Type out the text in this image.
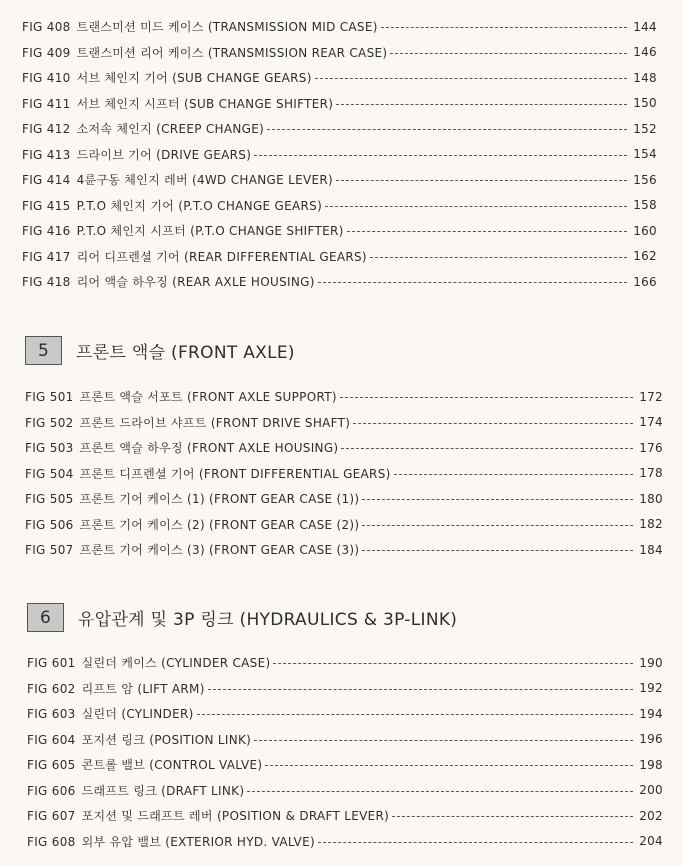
FIG 408 트랜스미션 미드 케이스 (TRANSMISSION MID CASE)	144
FIG 409 트랜스미션 리어 케이스 (TRANSMISSION REAR CASE)	146
FIG 410 서브 체인지 기어 (SUB CHANGE GEARS)	148
FIG 411 서브 체인지 시프터 (SUB CHANGE SHIFTER)	150
FIG 412 소저속 체인지 (CREEP CHANGE)	152
FIG 413 드라이브 기어 (DRIVE GEARS)	154
FIG 414 4륜구동 체인지 레버 (4WD CHANGE LEVER)	156
FIG 415 P.T.O 체인지 기어 (P.T.O CHANGE GEARS)	158
FIG 416 P.T.O 체인지 시프터 (P.T.O CHANGE SHIFTER)	160
FIG 417 리어 디프렌셜 기어 (REAR DIFFERENTIAL GEARS)	162
FIG 418 리어 액슬 하우징 (REAR AXLE HOUSING)	166
5	프론트 액슬 (FRONT AXLE)
FIG 501 프론트 액슬 서포트 (FRONT AXLE SUPPORT)	172
FIG 502 프론트 드라이브 샤프트 (FRONT DRIVE SHAFT)	174
FIG 503 프론트 액슬 하우징 (FRONT AXLE HOUSING)	176
FIG 504 프론트 디프렌셜 기어 (FRONT DIFFERENTIAL GEARS)	178
FIG 505 프론트 기어 케이스 (1) (FRONT GEAR CASE (1))	180
FIG 506 프론트 기어 케이스 (2) (FRONT GEAR CASE (2))	182
FIG 507 프론트 기어 케이스 (3) (FRONT GEAR CASE (3))	184
6	유압관계 및 3P 링크 (HYDRAULICS & 3P-LINK)
FIG 601 실린더 케이스 (CYLINDER CASE)	190
FIG 602 리프트 암 (LIFT ARM)	192
FIG 603 실린더 (CYLINDER)	194
FIG 604 포지션 링크 (POSITION LINK)	196
FIG 605 콘트롤 밸브 (CONTROL VALVE)	198
FIG 606 드래프트 링크 (DRAFT LINK)	200
FIG 607 포지션 및 드래프트 레버 (POSITION & DRAFT LEVER)	202
FIG 608 외부 유압 밸브 (EXTERIOR HYD. VALVE)	204
